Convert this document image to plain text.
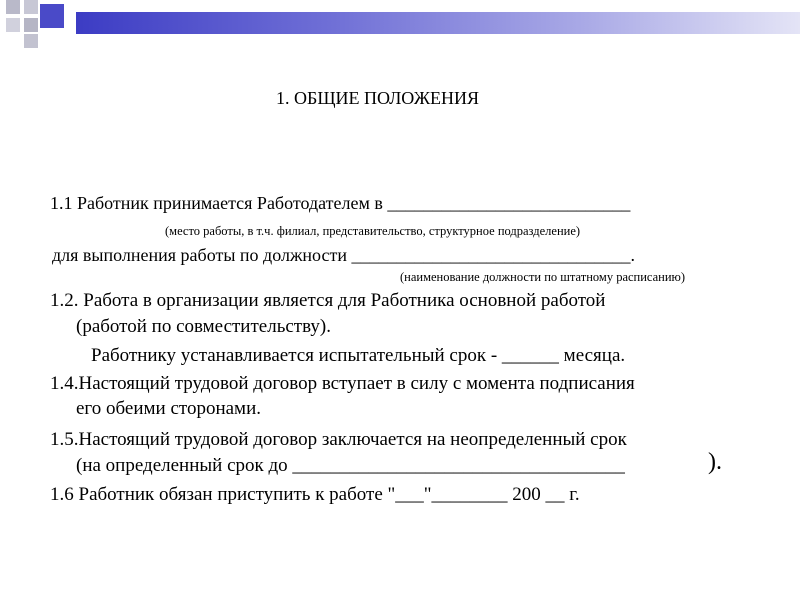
1. ОБЩИЕ ПОЛОЖЕНИЯ
1.1 Работник принимается Работодателем в ___________________________
(место работы, в т.ч. филиал, представительство, структурное подразделение)
для выполнения работы по должности _______________________________.
(наименование должности по штатному расписанию)
1.2. Работа в организации является для Работника основной работой
(работой по совместительству).
Работнику устанавливается испытательный срок - ______ месяца.
1.4.Настоящий трудовой договор вступает в силу с момента подписания
его обеими сторонами.
1.5.Настоящий трудовой договор заключается на неопределенный срок
(на определенный срок до ___________________________________	).
1.6 Работник обязан приступить к работе "___"________ 200 __ г.
